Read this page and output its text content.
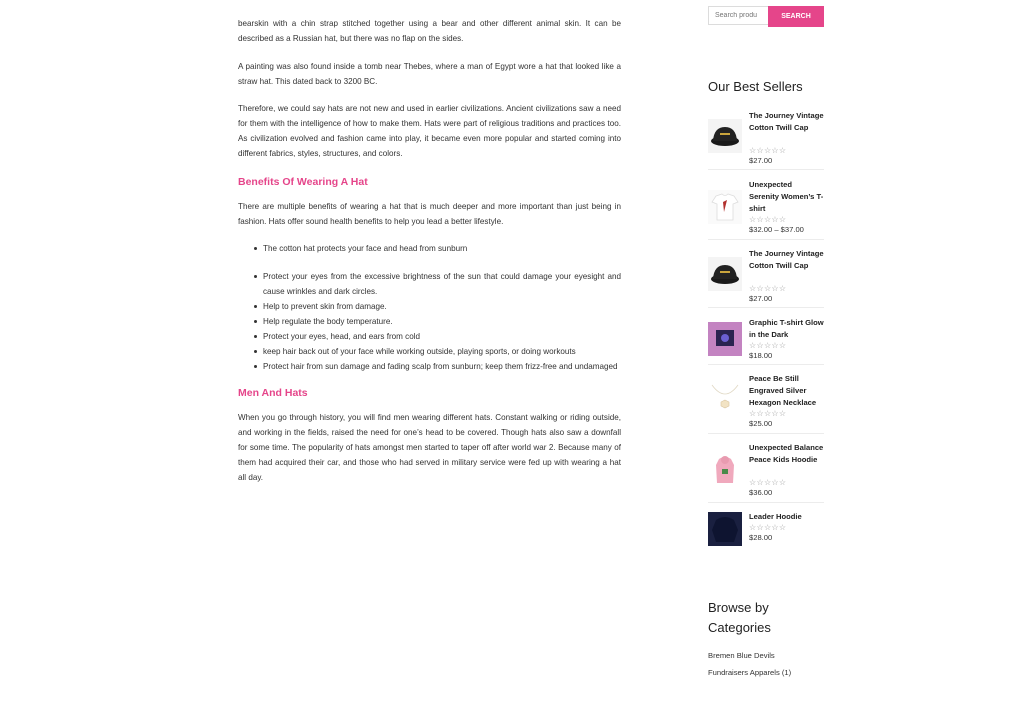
bearskin with a chin strap stitched together using a bear and other different animal skin. It can be described as a Russian hat, but there was no flap on the sides.

A painting was also found inside a tomb near Thebes, where a man of Egypt wore a hat that looked like a straw hat. This dated back to 3200 BC.

Therefore, we could say hats are not new and used in earlier civilizations. Ancient civilizations saw a need for them with the intelligence of how to make them. Hats were part of religious traditions and practices too. As civilization evolved and fashion came into play, it became even more popular and started coming into different fabrics, styles, structures, and colors.

Benefits Of Wearing A Hat

There are multiple benefits of wearing a hat that is much deeper and more important than just being in fashion. Hats offer sound health benefits to help you lead a better lifestyle.

The cotton hat protects your face and head from sunburn
Protect your eyes from the excessive brightness of the sun that could damage your eyesight and cause wrinkles and dark circles.
Help to prevent skin from damage.
Help regulate the body temperature.
Protect your eyes, head, and ears from cold
keep hair back out of your face while working outside, playing sports, or doing workouts
Protect hair from sun damage and fading scalp from sunburn; keep them frizz-free and undamaged
Men And Hats

When you go through history, you will find men wearing different hats. Constant walking or riding outside, and working in the fields, raised the need for one’s head to be covered. Though hats also saw a downfall for some time. The popularity of hats amongst men started to taper off after world war 2. Because many of them had acquired their car, and those who had served in military service were fed up with wearing a hat all day.

Search produ
SEARCH
Our Best Sellers
The Journey Vintage Cotton Twill Cap
☆☆☆☆☆
$27.00
Unexpected Serenity Women’s T-shirt
☆☆☆☆☆
$32.00 – $37.00
The Journey Vintage Cotton Twill Cap
☆☆☆☆☆
$27.00
Graphic T-shirt Glow in the Dark
☆☆☆☆☆
$18.00
Peace Be Still Engraved Silver Hexagon Necklace
☆☆☆☆☆
$25.00
Unexpected Balance Peace Kids Hoodie
☆☆☆☆☆
$36.00
Leader Hoodie
☆☆☆☆☆
$28.00
Browse by Categories
Bremen Blue Devils
Fundraisers Apparels (1)
